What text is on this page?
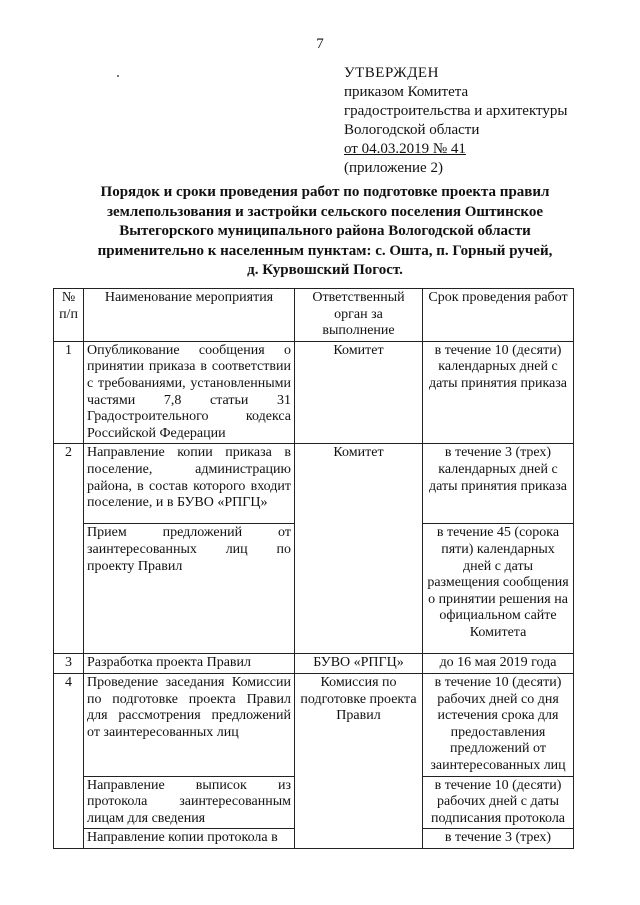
7
УТВЕРЖДЕН
приказом Комитета
градостроительства и архитектуры
Вологодской области
от 04.03.2019 № 41
(приложение 2)
Порядок и сроки проведения работ по подготовке проекта правил
землепользования и застройки сельского поселения Оштинское
Вытегорского муниципального района Вологодской области
применительно к населенным пунктам: с. Ошта, п. Горный ручей,
д. Курвошский Погост.
№ п/п	Наименование мероприятия	Ответственный орган за выполнение	Срок проведения работ
1	Опубликование сообщения о принятии приказа в соответствии с требованиями, установленными частями 7,8 статьи 31 Градостроительного кодекса Российской Федерации	Комитет	в течение 10 (десяти) календарных дней с даты принятия приказа
2	Направление копии приказа в поселение, администрацию района, в состав которого входит поселение, и в БУВО «РПГЦ»	Комитет	в течение 3 (трех) календарных дней с даты принятия приказа
	Прием предложений от заинтересованных лиц по проекту Правил		в течение 45 (сорока пяти) календарных дней с даты размещения сообщения о принятии решения на официальном сайте Комитета
3	Разработка проекта Правил	БУВО «РПГЦ»	до 16 мая 2019 года
4	Проведение заседания Комиссии по подготовке проекта Правил для рассмотрения предложений от заинтересованных лиц	Комиссия по подготовке проекта Правил	в течение 10 (десяти) рабочих дней со дня истечения срока для предоставления предложений от заинтересованных лиц
	Направление выписок из протокола заинтересованным лицам для сведения		в течение 10 (десяти) рабочих дней с даты подписания протокола
	Направление копии протокола в		в течение 3 (трех)
